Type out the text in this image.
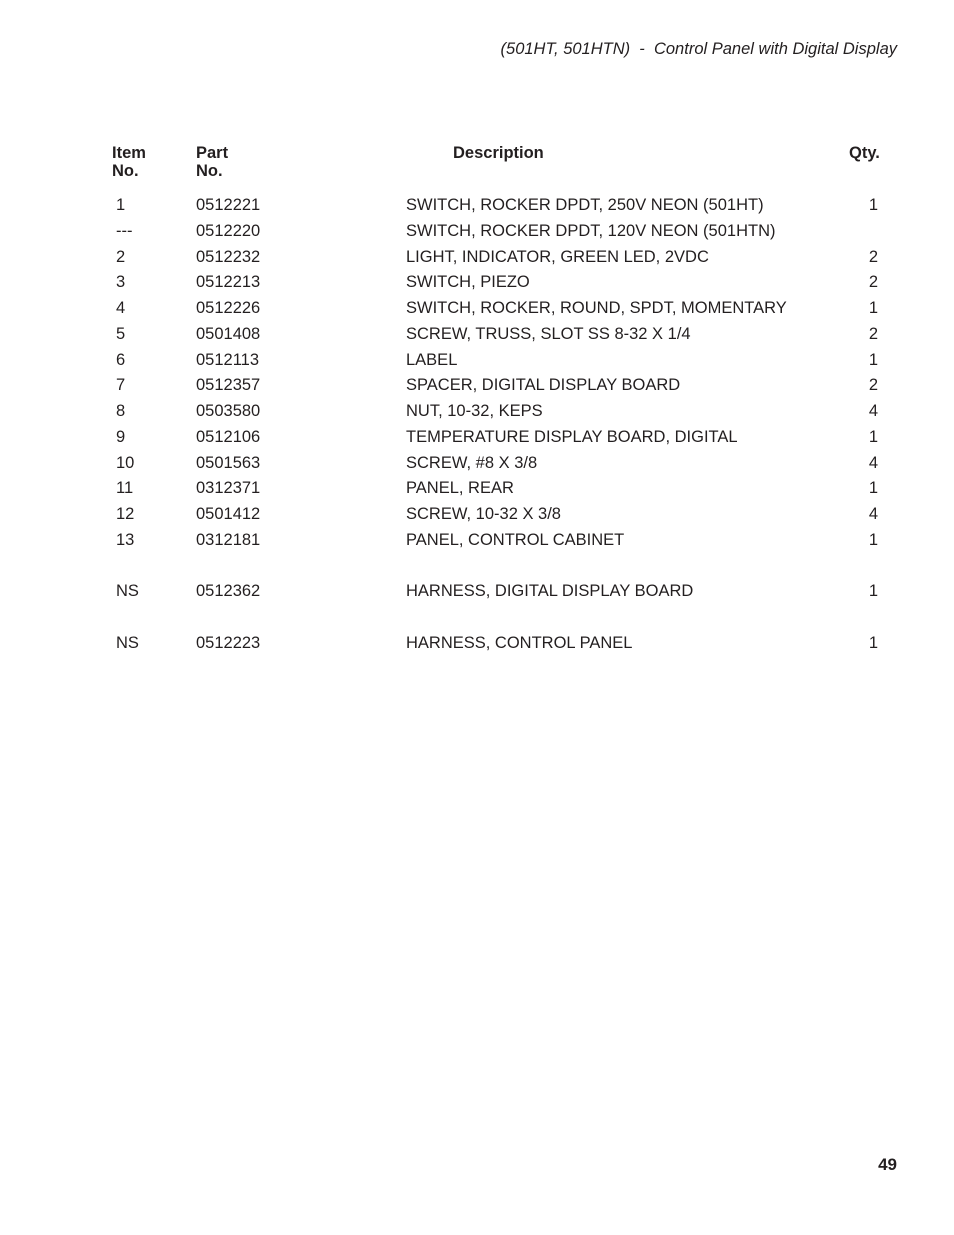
(501HT, 501HTN)  -  Control Panel with Digital Display
Item
No.
Part
No.
Description	Qty.
1	0512221	SWITCH, ROCKER DPDT, 250V NEON (501HT)	1
---	0512220	SWITCH, ROCKER DPDT, 120V NEON (501HTN)
2	0512232	LIGHT, INDICATOR, GREEN LED, 2VDC	2
3	0512213	SWITCH, PIEZO	2
4	0512226	SWITCH, ROCKER, ROUND, SPDT, MOMENTARY	1
5	0501408	SCREW, TRUSS, SLOT SS 8-32 X 1/4	2
6	0512113	LABEL	1
7	0512357	SPACER, DIGITAL DISPLAY BOARD	2
8	0503580	NUT, 10-32, KEPS	4
9	0512106	TEMPERATURE DISPLAY BOARD, DIGITAL	1
10	0501563	SCREW, #8 X 3/8	4
11	0312371	PANEL, REAR	1
12	0501412	SCREW, 10-32 X 3/8	4
13	0312181	PANEL, CONTROL CABINET	1
NS	0512362	HARNESS, DIGITAL DISPLAY BOARD	1
NS	0512223	HARNESS, CONTROL PANEL	1
49
